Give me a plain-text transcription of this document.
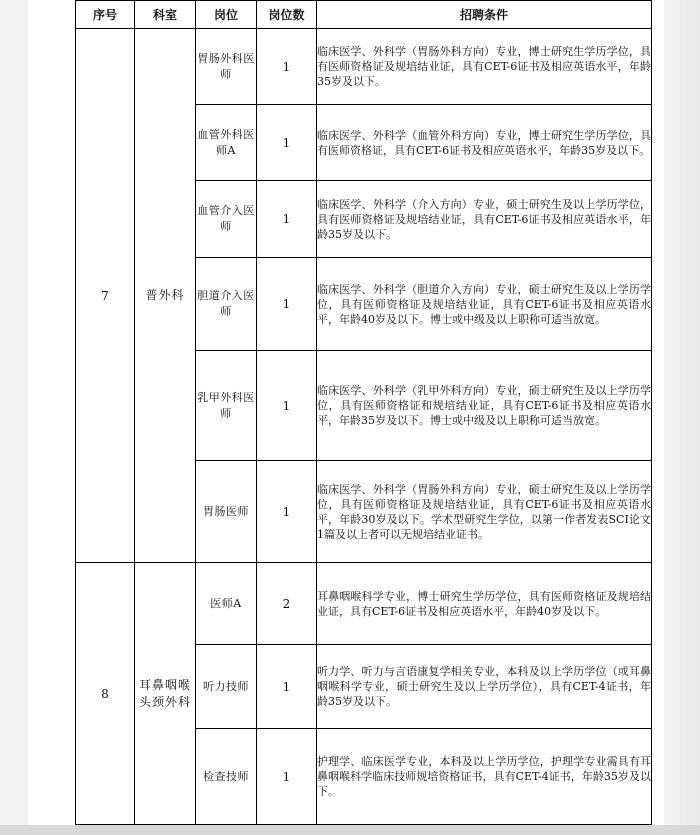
序号	科室	岗位	岗位数	招聘条件
7	普外科	胃肠外科医师	1	临床医学、外科学（胃肠外科方向）专业，博士研究生学历学位，具有医师资格证及规培结业证，具有CET-6证书及相应英语水平，年龄35岁及以下。
		血管外科医师A	1	临床医学、外科学（血管外科方向）专业，博士研究生学历学位，具有医师资格证，具有CET-6证书及相应英语水平，年龄35岁及以下。
		血管介入医师	1	临床医学、外科学（介入方向）专业，硕士研究生及以上学历学位，具有医师资格证及规培结业证，具有CET-6证书及相应英语水平，年龄35岁及以下。
		胆道介入医师	1	临床医学、外科学（胆道介入方向）专业，硕士研究生及以上学历学位，具有医师资格证及规培结业证，具有CET-6证书及相应英语水平，年龄40岁及以下。博士或中级及以上职称可适当放宽。
		乳甲外科医师	1	临床医学、外科学（乳甲外科方向）专业，硕士研究生及以上学历学位，具有医师资格证和规培结业证，具有CET-6证书及相应英语水平，年龄35岁及以下。博士或中级及以上职称可适当放宽。
		胃肠医师	1	临床医学、外科学（胃肠外科方向）专业，硕士研究生及以上学历学位，具有医师资格证及规培结业证，具有CET-6证书及相应英语水平，年龄30岁及以下。学术型研究生学位，以第一作者发表SCI论文1篇及以上者可以无规培结业证书。
8	耳鼻咽喉头颈外科	医师A	2	耳鼻咽喉科学专业，博士研究生学历学位，具有医师资格证及规培结业证，具有CET-6证书及相应英语水平，年龄40岁及以下。
		听力技师	1	听力学、听力与言语康复学相关专业，本科及以上学历学位（或耳鼻咽喉科学专业，硕士研究生及以上学历学位），具有CET-4证书，年龄35岁及以下。
		检查技师	1	护理学、临床医学专业，本科及以上学历学位，护理学专业需具有耳鼻咽喉科学临床技师规培资格证书，具有CET-4证书，年龄35岁及以下。
